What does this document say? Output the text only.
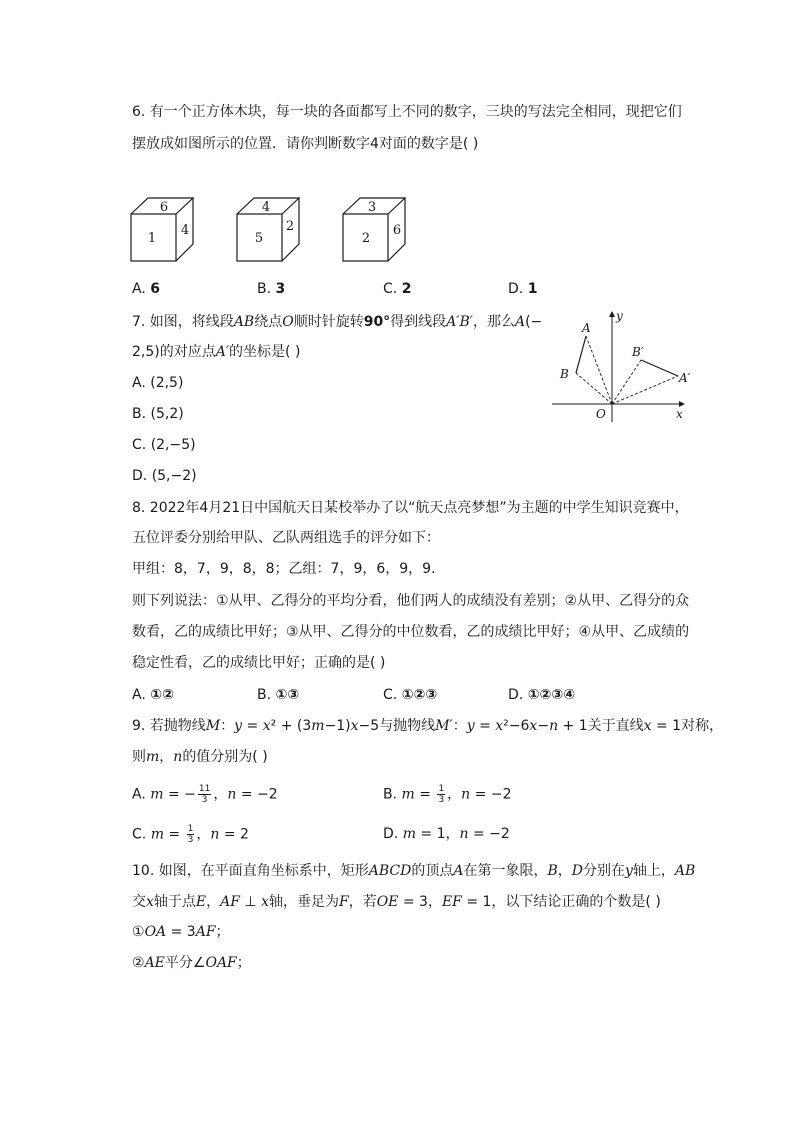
6. 有一个正方体木块，每一块的各面都写上不同的数字，三块的写法完全相同，现把它们
摆放成如图所示的位置．请你判断数字4对面的数字是( )
6
1
4
4
5
2
3
2
6
A. 6	B. 3	C. 2	D. 1
7. 如图，将线段AB绕点O顺时针旋转90°得到线段A′B′，那么A(−
2,5)的对应点A′的坐标是( )
A. (2,5)
B. (5,2)
C. (2,−5)
D. (5,−2)
y
x
O
A
B
B′
A′
8. 2022年4月21日中国航天日某校举办了以“航天点亮梦想”为主题的中学生知识竞赛中，
五位评委分别给甲队、乙队两组选手的评分如下：
甲组：8，7，9，8，8；乙组：7，9，6，9，9．
则下列说法：①从甲、乙得分的平均分看，他们两人的成绩没有差别；②从甲、乙得分的众
数看，乙的成绩比甲好；③从甲、乙得分的中位数看，乙的成绩比甲好；④从甲、乙成绩的
稳定性看，乙的成绩比甲好；正确的是( )
A. ①②	B. ①③	C. ①②③	D. ①②③④
9. 若抛物线M：y = x² + (3m−1)x−5与抛物线M′：y = x²−6x−n + 1关于直线x = 1对称，
则m，n的值分别为( )
A. m = − $\frac{11}{3}$ ，n = −2	B. $m = \frac{1}{3}$ ，n = −2
C. $m = \frac{1}{3}$ ，n = 2	D. m = 1，n = −2
10. 如图，在平面直角坐标系中，矩形ABCD的顶点A在第一象限，B，D分别在y轴上，AB
交x轴于点E，AF ⊥ x轴，垂足为F，若OE = 3，EF = 1，以下结论正确的个数是( )
①OA = 3AF；
②AE平分∠OAF；
